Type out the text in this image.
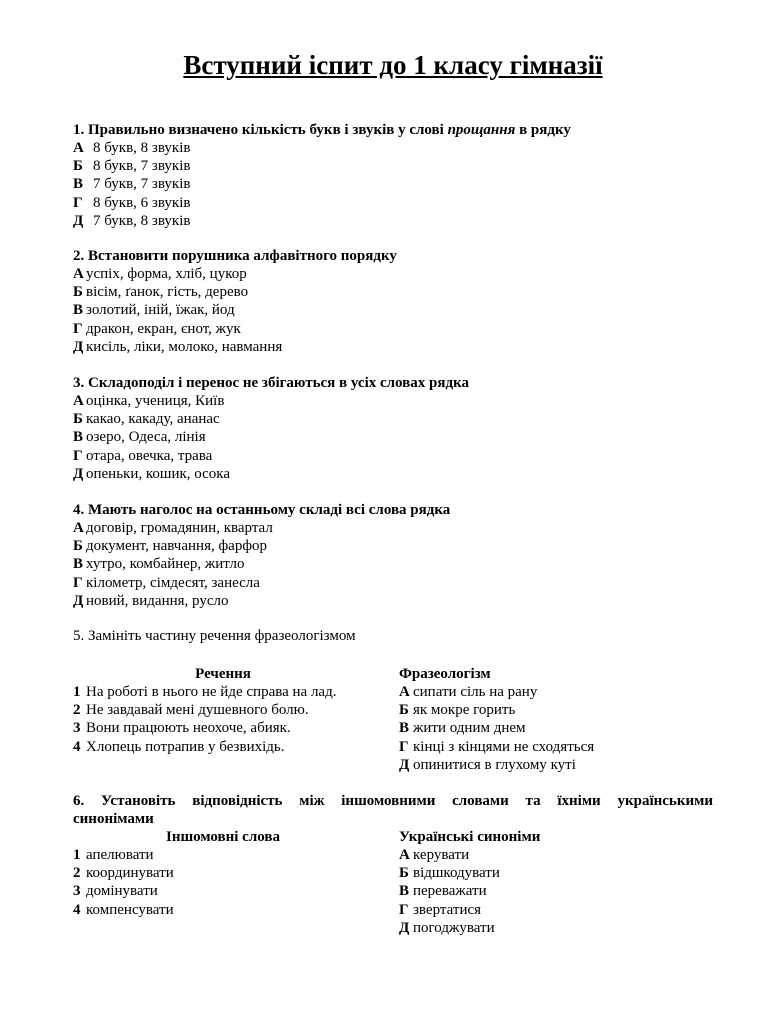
Вступний іспит до 1 класу гімназії
1. Правильно визначено кількість букв і звуків у слові прощання в рядку
А 8 букв, 8 звуків
Б 8 букв, 7 звуків
В 7 букв, 7 звуків
Г 8 букв, 6 звуків
Д 7 букв, 8 звуків
2. Встановити порушника алфавітного порядку
А успіх, форма, хліб, цукор
Б вісім, ґанок, гість, дерево
В золотий, іній, їжак, йод
Г дракон, екран, єнот, жук
Д кисіль, ліки, молоко, навмання
3. Складоподіл і перенос не збігаються в усіх словах рядка
А оцінка, учениця, Київ
Б какао, какаду, ананас
В озеро, Одеса, лінія
Г отара, овечка, трава
Д опеньки, кошик, осока
4. Мають наголос на останньому складі всі слова рядка
А договір, громадянин, квартал
Б документ, навчання, фарфор
В хутро, комбайнер, житло
Г кілометр, сімдесят, занесла
Д новий, видання, русло
5. Замініть частину речення фразеологізмом
Речення
1 На роботі в нього не йде справа на лад.
2 Не завдавай мені душевного болю.
3 Вони працюють неохоче, абияк.
4 Хлопець потрапив у безвихідь.
Фразеологізм
А сипати сіль на рану
Б як мокре горить
В жити одним днем
Г кінці з кінцями не сходяться
Д опинитися в глухому куті
6. Установіть відповідність між іншомовними словами та їхніми українськими
синонімами
Іншомовні слова
1 апелювати
2 координувати
3 домінувати
4 компенсувати
Українські синоніми
А керувати
Б відшкодувати
В переважати
Г звертатися
Д погоджувати
